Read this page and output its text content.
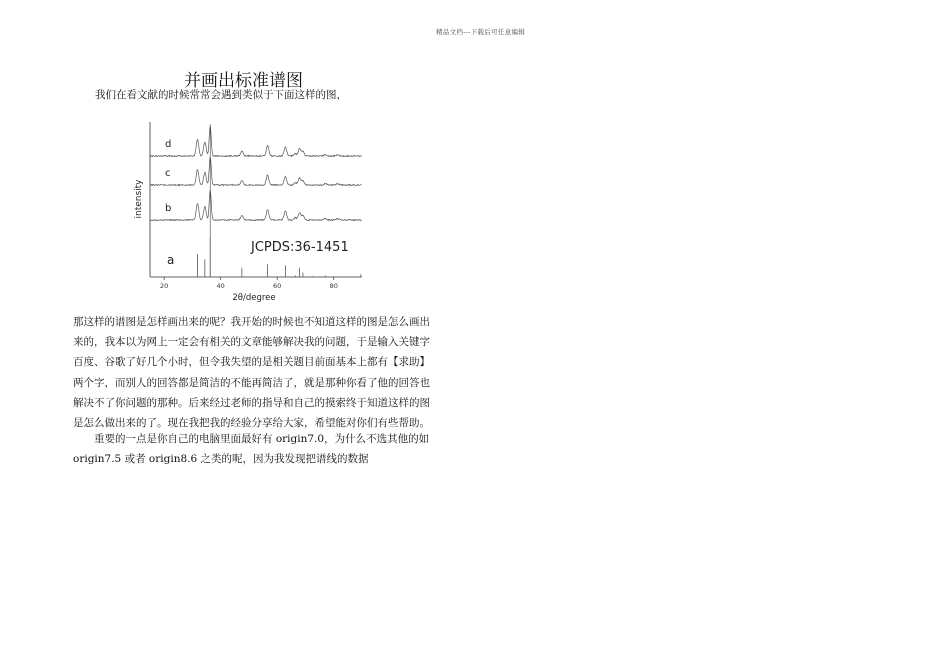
精品文档---下载后可任意编辑
并画出标准谱图
我们在看文献的时候常常会遇到类似于下面这样的图，
20	40	60	80
d
c
b
a
intensity
2θ/degree
JCPDS:36-1451

那这样的谱图是怎样画出来的呢？我开始的时候也不知道这样的图是怎么画出

来的，我本以为网上一定会有相关的文章能够解决我的问题，于是输入关键字

百度、谷歌了好几个小时，但令我失望的是相关题目前面基本上都有【求助】

两个字，而别人的回答都是简洁的不能再简洁了，就是那种你看了他的回答也

解决不了你问题的那种。后来经过老师的指导和自己的摸索终于知道这样的图

是怎么做出来的了。现在我把我的经验分享给大家，希望能对你们有些帮助。

重要的一点是你自己的电脑里面最好有 origin7.0，为什么不选其他的如

origin7.5 或者 origin8.6 之类的呢，因为我发现把谱线的数据
